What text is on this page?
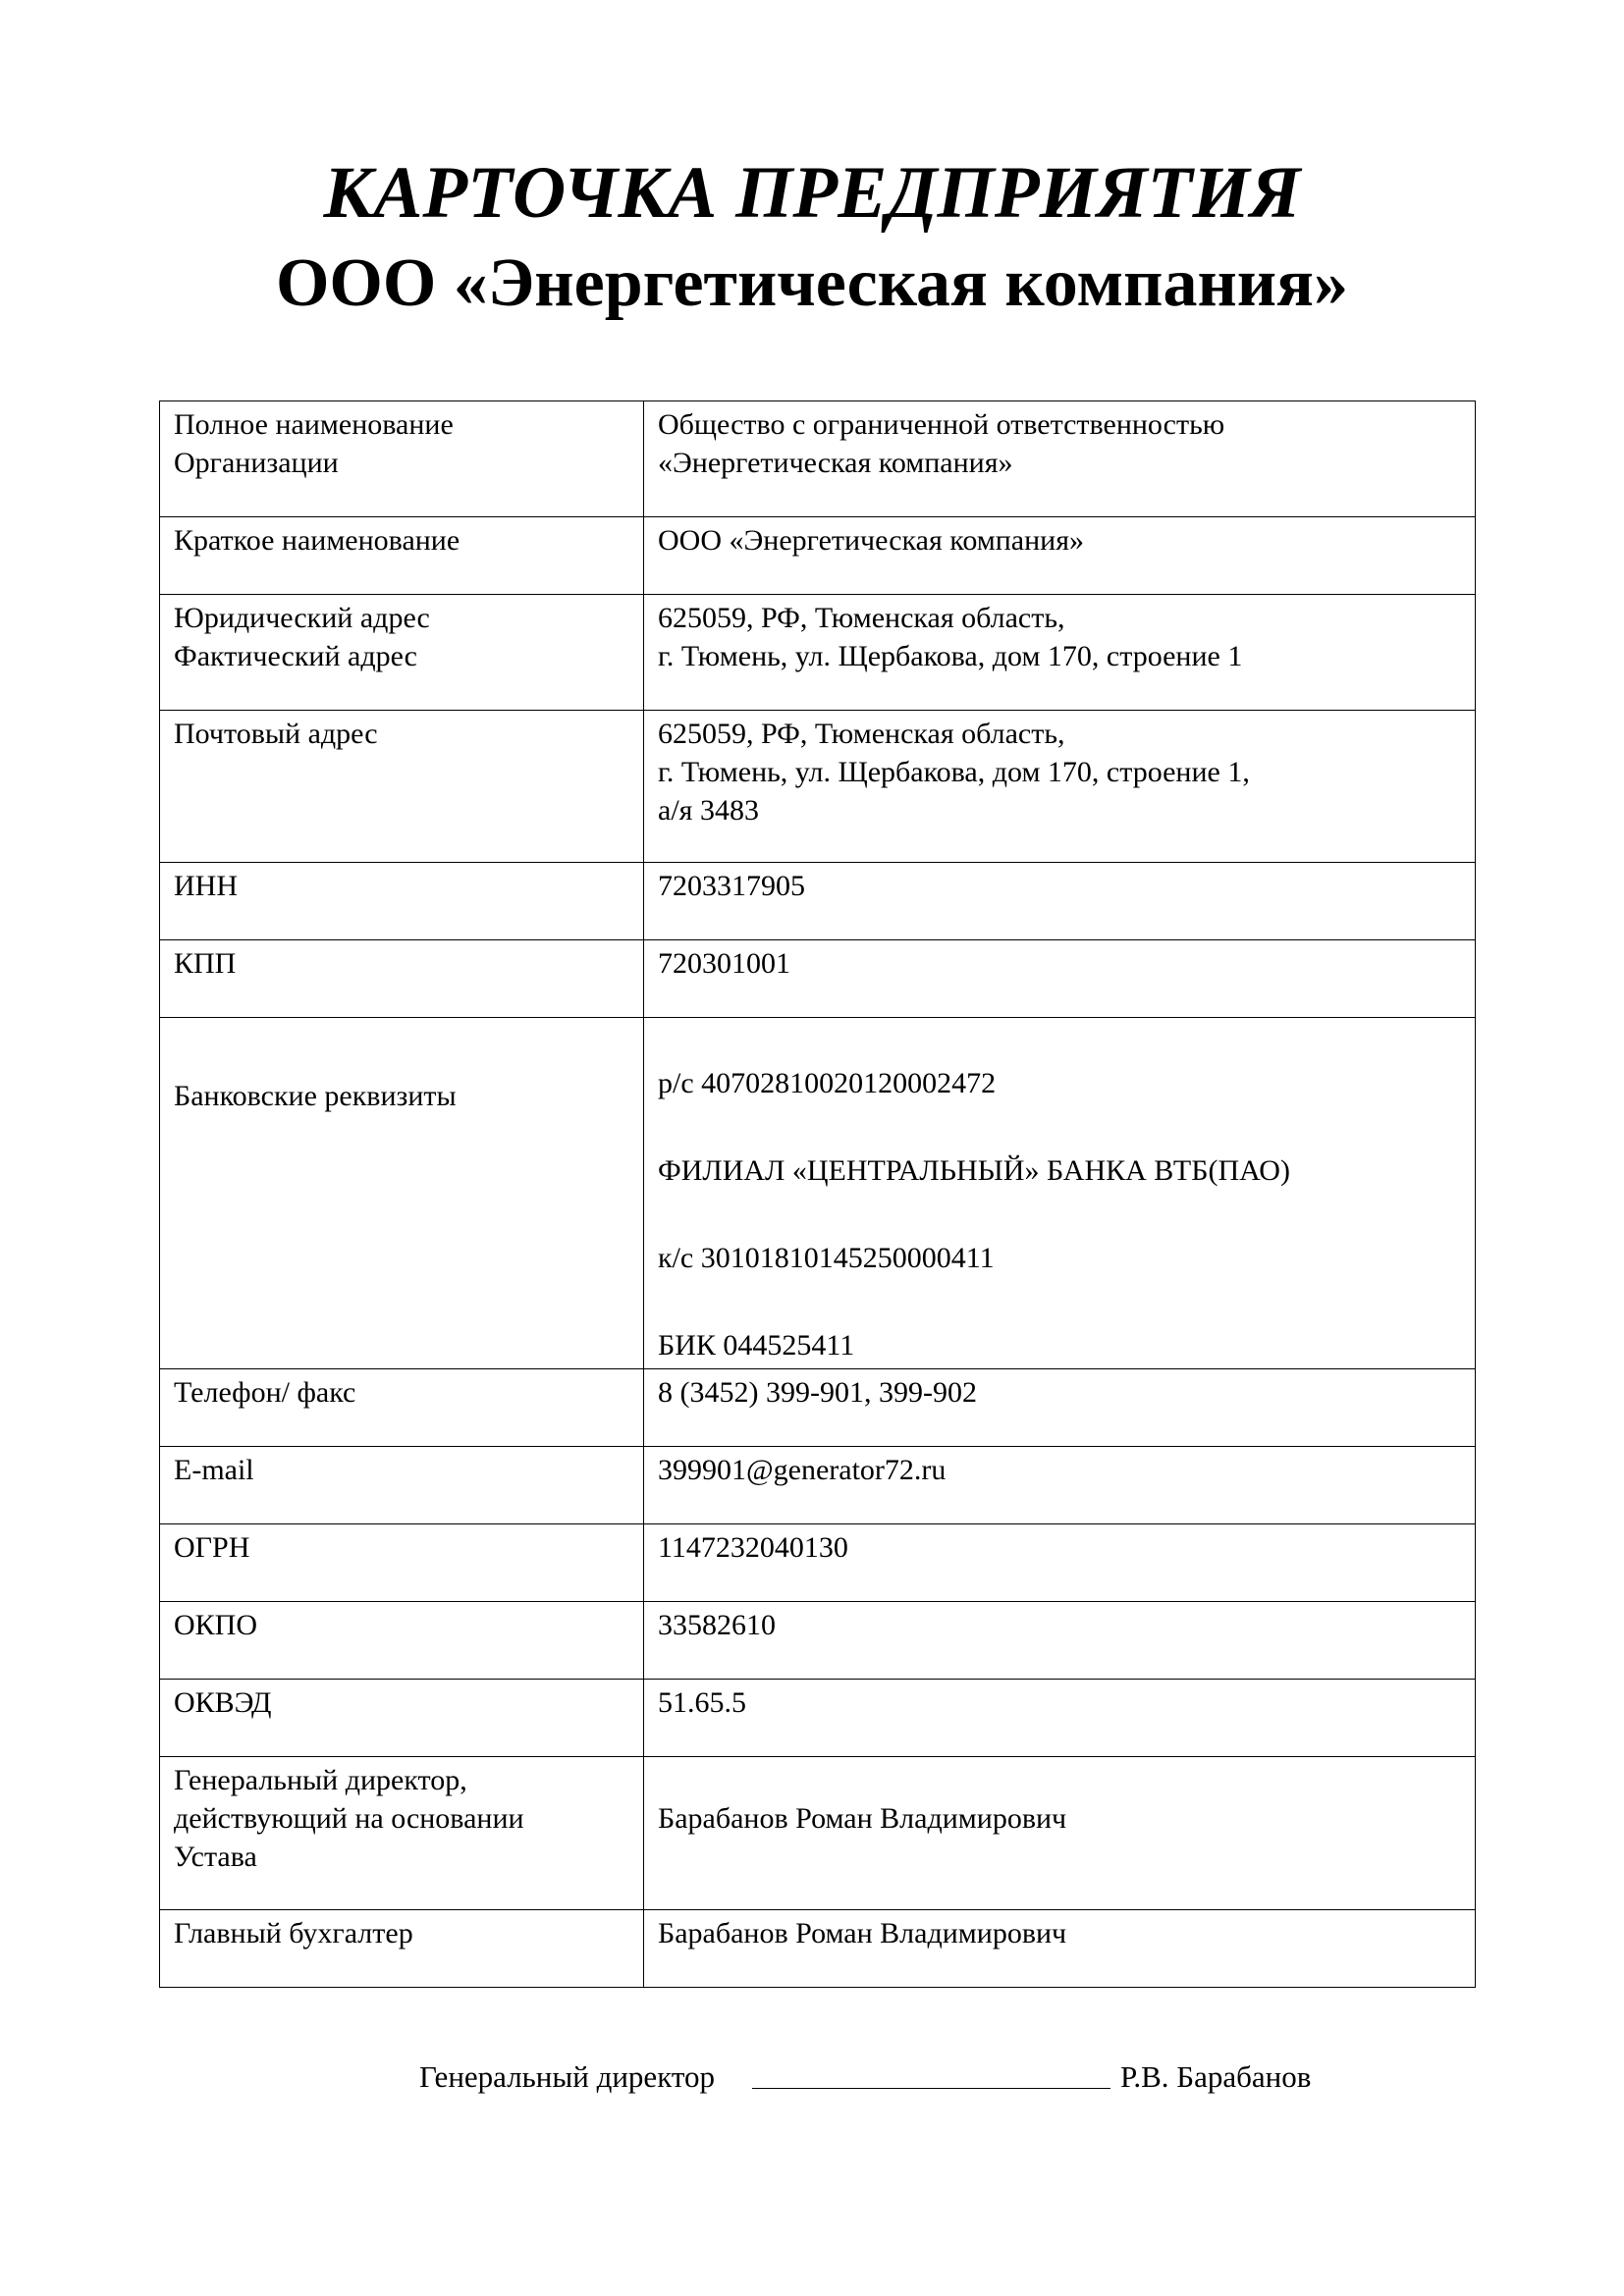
КАРТОЧКА ПРЕДПРИЯТИЯ

ООО «Энергетическая компания»

Полное наименование
Организации	Общество с ограниченной ответственностью
«Энергетическая компания»

Краткое наименование	ООО «Энергетическая компания»

Юридический адрес
Фактический адрес	625059, РФ, Тюменская область,
г. Тюмень, ул. Щербакова, дом 170, строение 1

Почтовый адрес	625059, РФ, Тюменская область,
г. Тюмень, ул. Щербакова, дом 170, строение 1,
а/я 3483

ИНН	7203317905

КПП	720301001

Банковские реквизиты	р/с 40702810020120002472
ФИЛИАЛ «ЦЕНТРАЛЬНЫЙ» БАНКА ВТБ(ПАО)
к/с 30101810145250000411
БИК 044525411

Телефон/ факс	8 (3452) 399-901, 399-902

E-mail	399901@generator72.ru

ОГРН	1147232040130

ОКПО	33582610

ОКВЭД	51.65.5

Генеральный директор,
действующий на основании
Устава	Барабанов Роман Владимирович

Главный бухгалтер	Барабанов Роман Владимирович
Генеральный директор	Р.В. Барабанов
